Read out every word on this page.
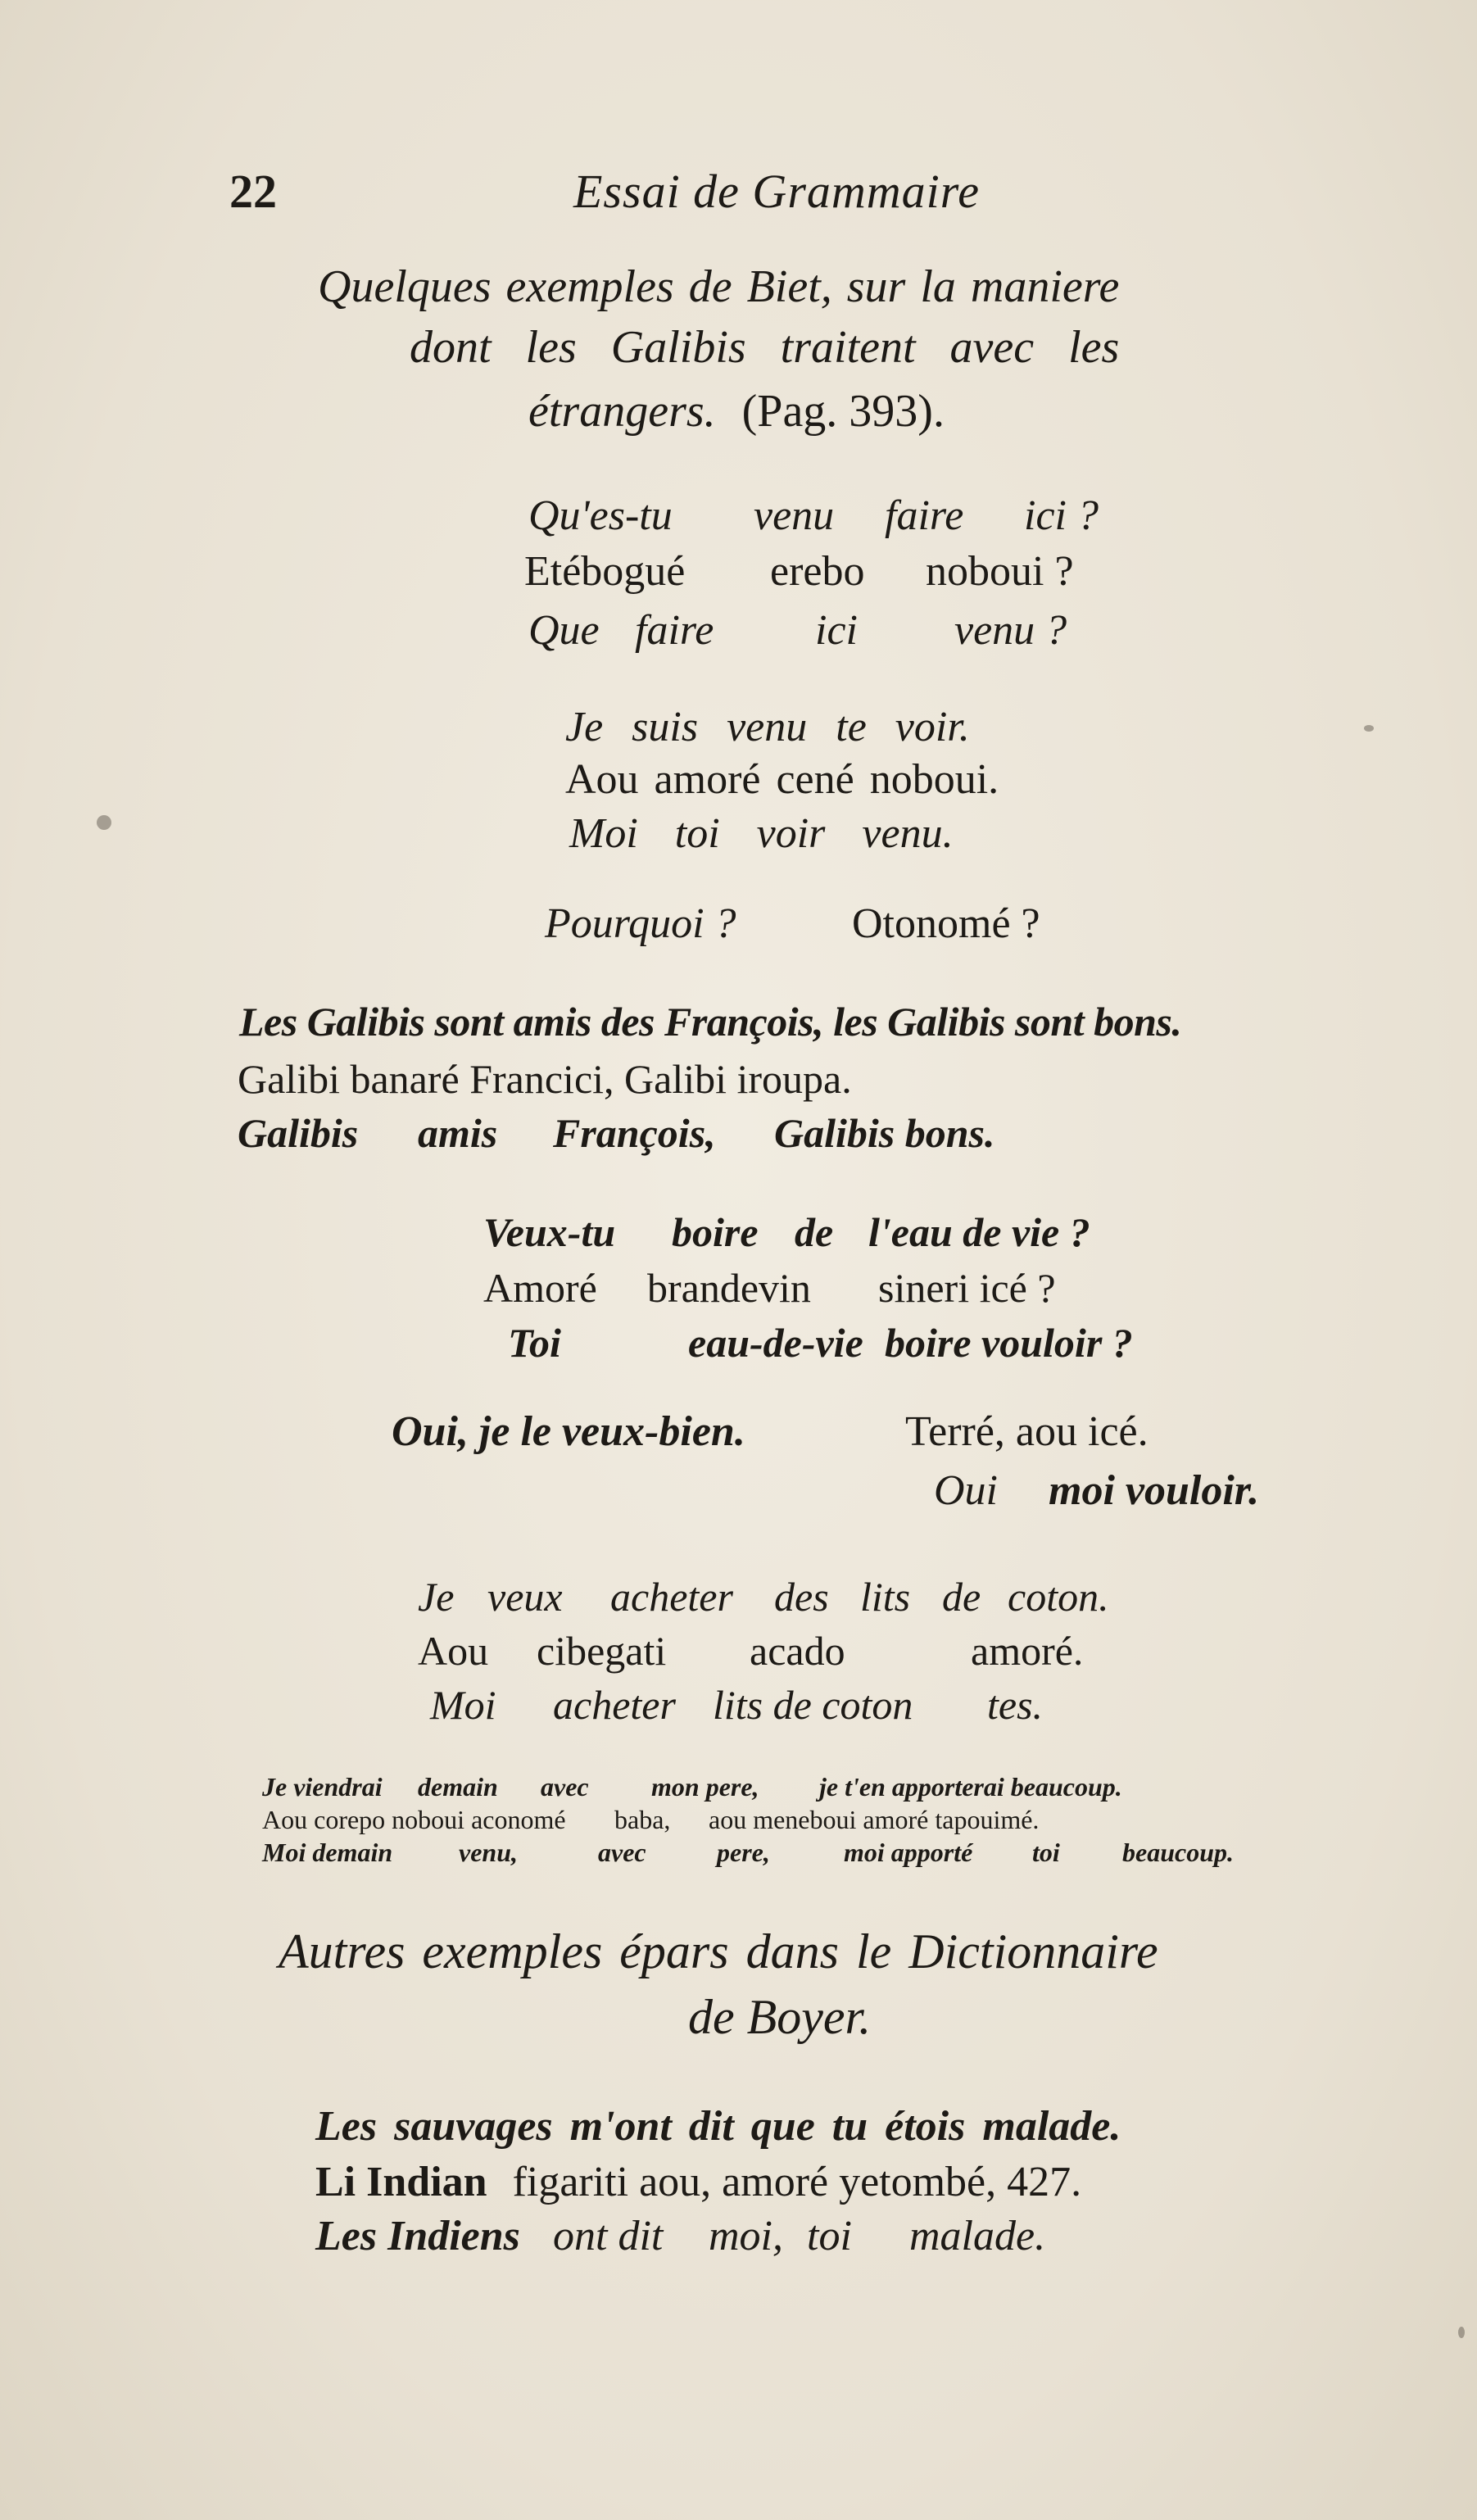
22	Essai de Grammaire
Quelques exemples de Biet, sur la maniere
dont les Galibis traitent avec les
étrangers. (Pag. 393).
Qu'es-tu venu faire ici ?
Etébogué erebo noboui ?
Que faire ici venu ?
Je suis venu te voir.
Aou amoré cené noboui.
Moi toi voir venu.
Pourquoi ?	Otonomé ?
Les Galibis sont amis des François, les Galibis sont bons.
Galibi banaré Francici, Galibi iroupa.
Galibis amis François, Galibis bons.
Veux-tu boire de l'eau de vie ?
Amoré brandevin sineri icé ?
Toi	eau-de-vie boire vouloir ?
Oui, je le veux-bien.	Terré, aou icé.
Oui moi vouloir.
Je veux acheter des lits de coton.
Aou cibegati acado	amoré.
Moi acheter lits de coton tes.
Je viendrai demain avec mon pere, je t'en apporterai beaucoup.
Aou corepo noboui aconomé baba, aou meneboui amoré tapouimé.
Moi demain	venu,	avec	pere,	moi apporté toi beaucoup.
Autres exemples épars dans le Dictionnaire
de Boyer.
Les sauvages m'ont dit que tu étois malade.
Li Indian figariti aou, amoré yetombé, 427.
Les Indiens ont dit moi, toi malade.
